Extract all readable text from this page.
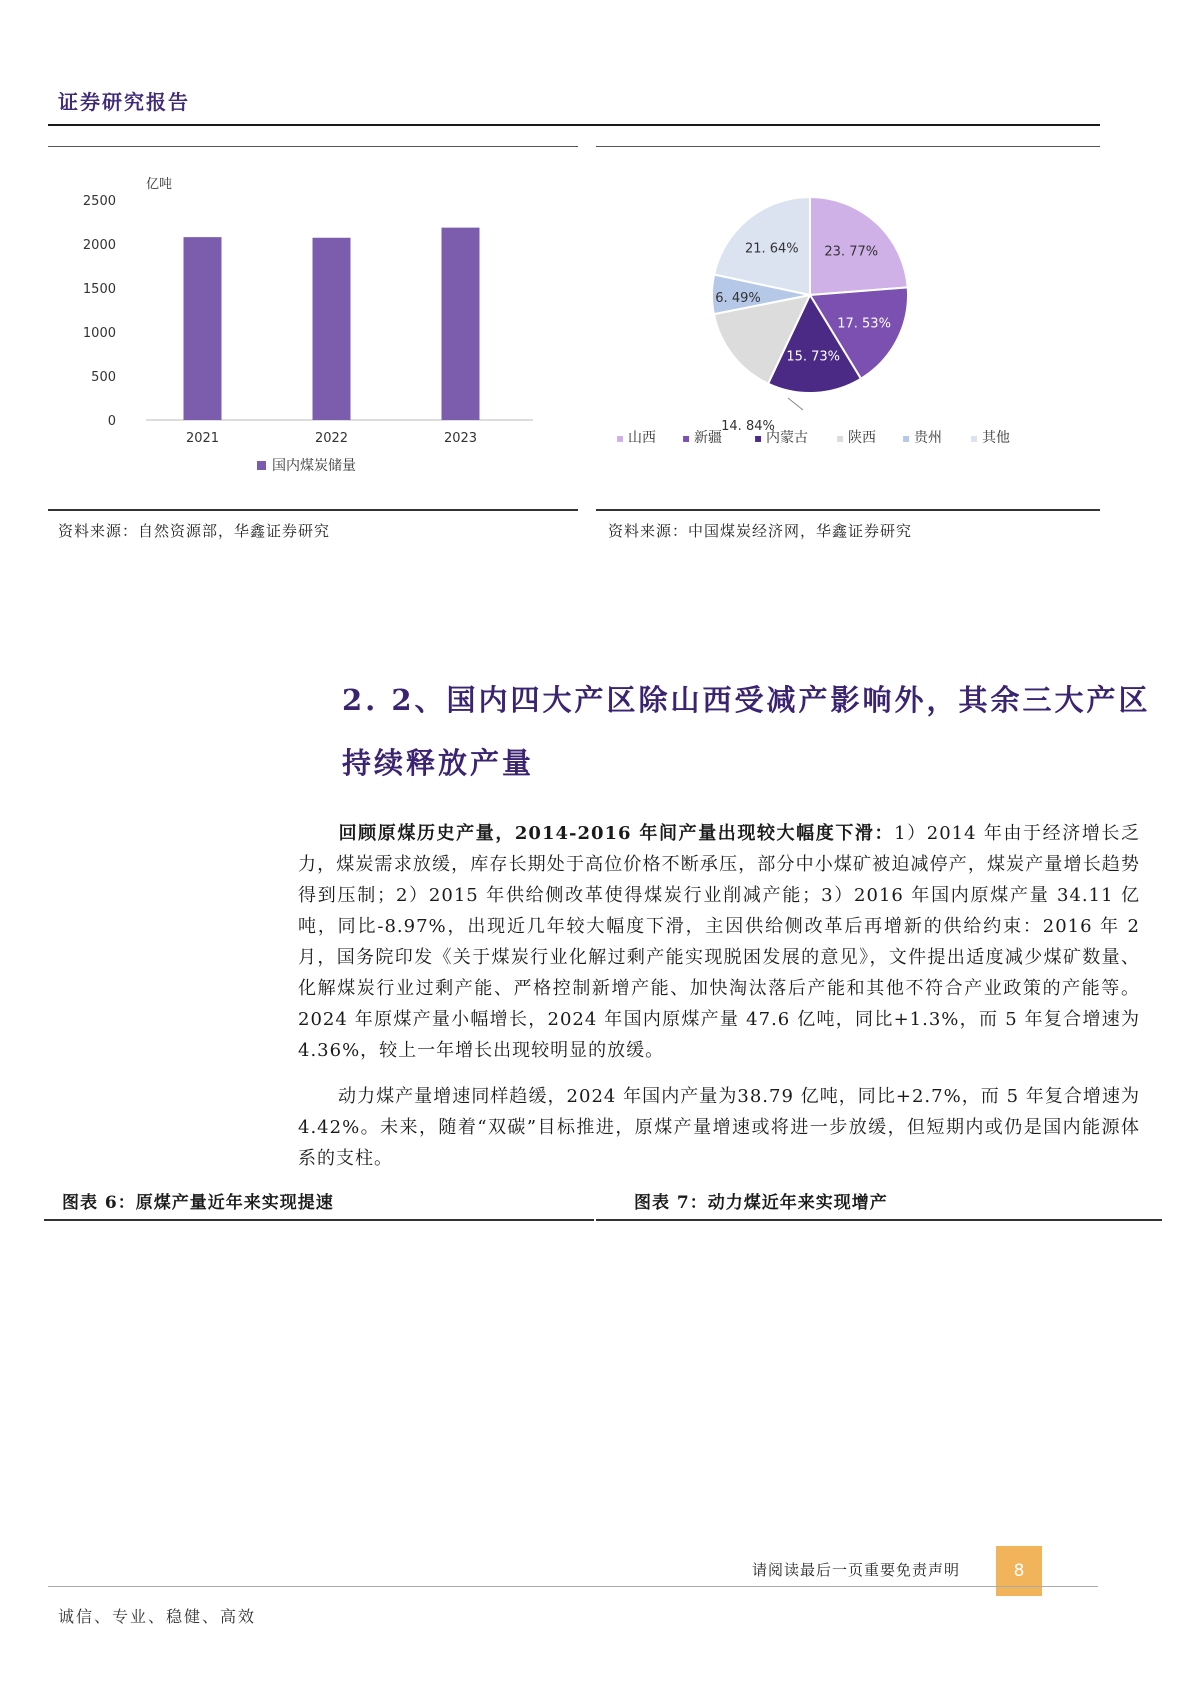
证券研究报告
亿吨
0
500
1000
1500
2000
2500
2021	2022	2023
国内煤炭储量
23. 77%
17. 53%
15. 73%
14. 84%
6. 49%
21. 64%
▪ 山西 ▪ 新疆	▪ 内蒙古 ▪ 陕西 ▪ 贵州 ▪ 其他
资料来源：自然资源部，华鑫证券研究	资料来源：中国煤炭经济网，华鑫证券研究
2. 2、国内四大产区除山西受减产影响外，其余三大产区
持续释放产量
回顾原煤历史产量，2014-2016 年间产量出现较大幅度下滑：1）2014 年由于经济增长乏力，煤炭需求放缓，库存长期处于高位价格不断承压，部分中小煤矿被迫减停产，煤炭产量增长趋势得到压制；2）2015 年供给侧改革使得煤炭行业削减产能；3）2016 年国内原煤产量 34.11 亿吨，同比-8.97%，出现近几年较大幅度下滑，主因供给侧改革后再增新的供给约束：2016 年 2 月，国务院印发《关于煤炭行业化解过剩产能实现脱困发展的意见》，文件提出适度减少煤矿数量、化解煤炭行业过剩产能、严格控制新增产能、加快淘汰落后产能和其他不符合产业政策的产能等。2024 年原煤产量小幅增长，2024 年国内原煤产量 47.6 亿吨，同比+1.3%，而 5 年复合增速为4.36%，较上一年增长出现较明显的放缓。
动力煤产量增速同样趋缓，2024 年国内产量为38.79 亿吨，同比+2.7%，而 5 年复合增速为 4.42%。未来，随着“双碳”目标推进，原煤产量增速或将进一步放缓，但短期内或仍是国内能源体系的支柱。
图表 6：原煤产量近年来实现提速	图表 7：动力煤近年来实现增产
请阅读最后一页重要免责声明	8
诚信、专业、稳健、高效
